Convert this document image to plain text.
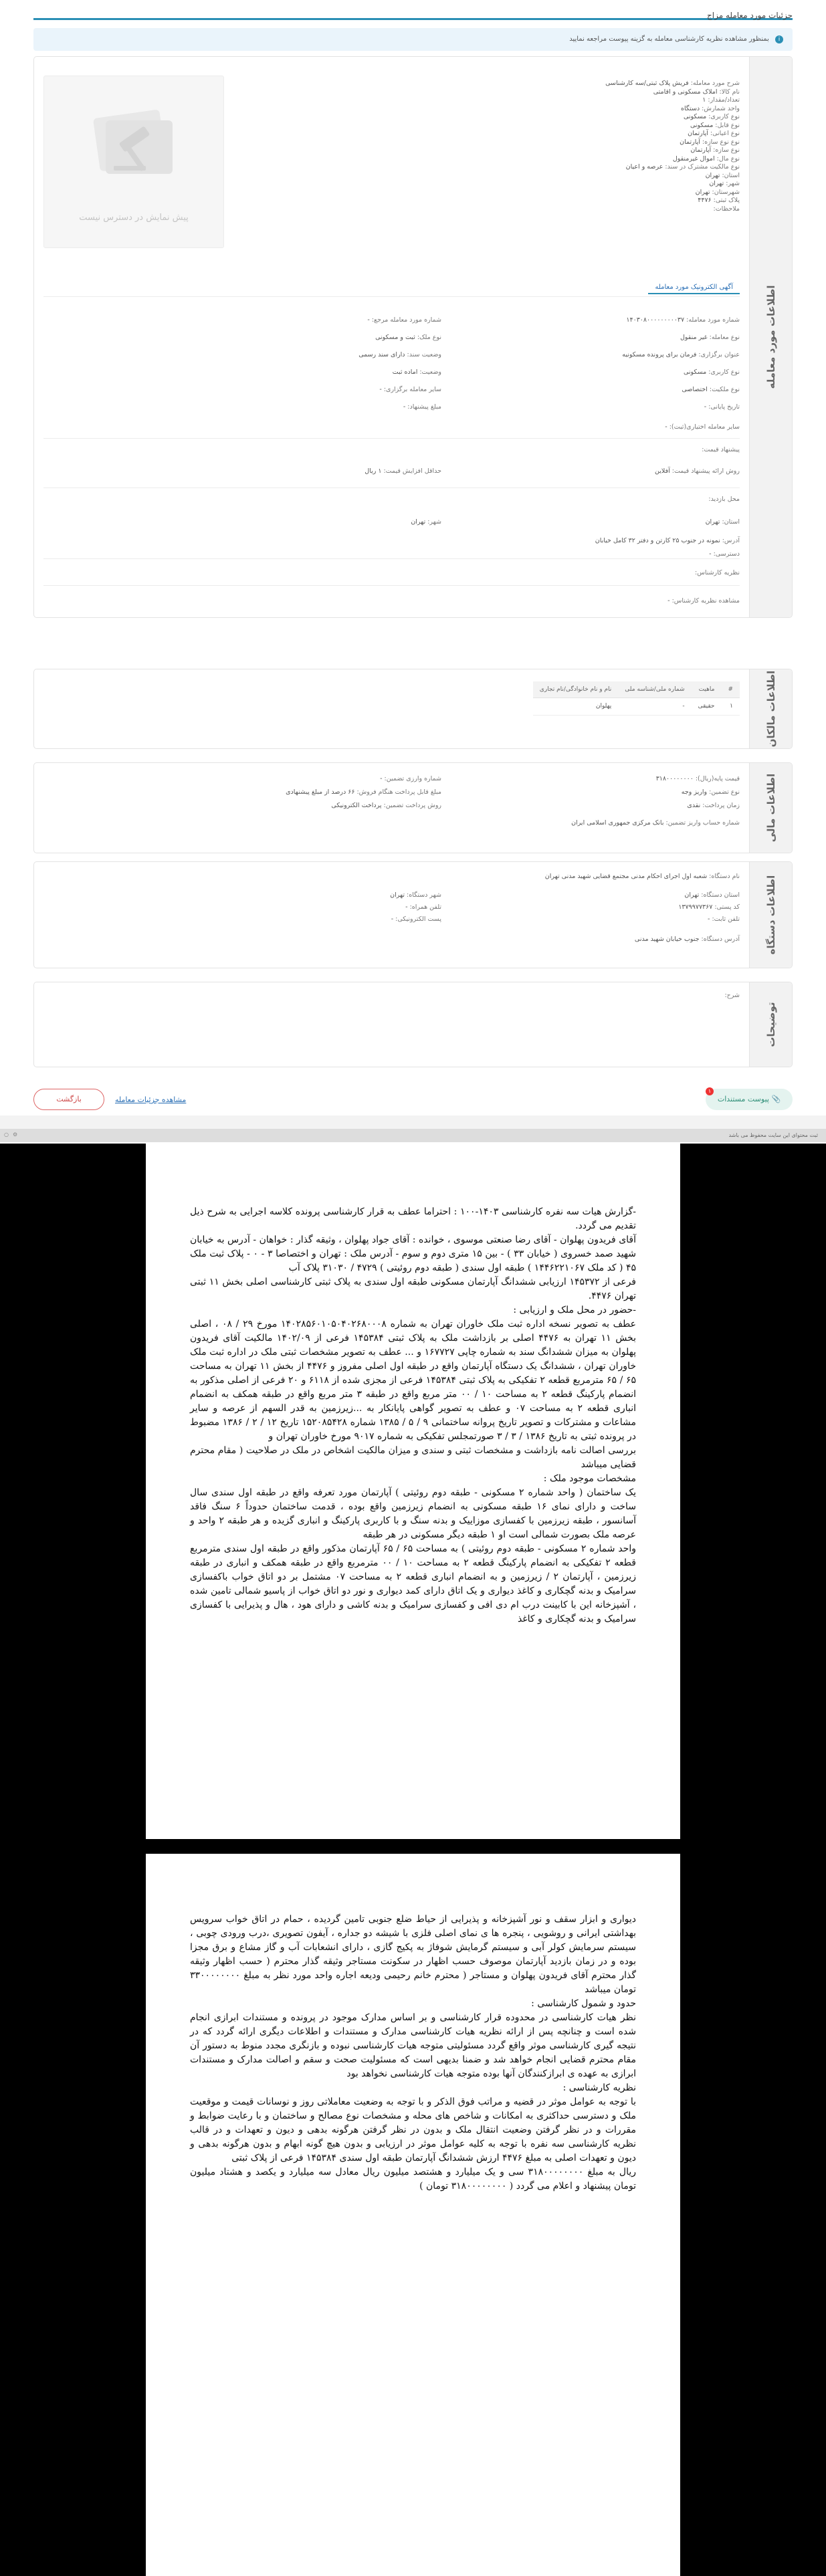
جزئیات مورد معامله مزاج
i بمنظور مشاهده نظریه کارشناسی معامله به گزینه پیوست مراجعه نمایید
اطلاعات مورد معامله
پیش نمایش در دسترس نیست
آگهی الکترونیک مورد معامله
شرح مورد معامله:فریش پلاک ثبتی/سه کارشناسی
نام کالا:املاک مسکونی و اقامتی
تعداد/مقدار:۱
واحد شمارش:دستگاه
نوع کاربری:مسکونی
نوع قابل:مسکونی
نوع اعیانی:آپارتمان
نوع نوع سازه:آپارتمان
نوع سازه:آپارتمان
نوع مال:اموال غیرمنقول
نوع مالکیت مشترک در سند:عرصه و اعیان
استان:تهران
شهر:تهران
شهرستان:تهران
پلاک ثبتی:۴۴۷۶
ملاحظات:
شماره مورد معامله:۱۴۰۳۰۸۰۰۰۰۰۰۰۰۰۳۷
شماره مورد معامله مرجع:-
نوع معامله:غیر منقول
نوع ملک:ثبت و مسکونی
عنوان برگزاری:فرمان برای پرونده مسکونیه
وضعیت سند:دارای سند رسمی
نوع کاربری:مسکونی
وضعیت:اماده ثبت
نوع ملکیت:اختصاصی
سایر معامله برگزاری:-
تاریخ پایانی:-
مبلغ پیشنهاد:-
سایر معامله اختیاری(ثبت):-
پیشنهاد قیمت:
روش ارائه پیشنهاد قیمت:آفلاین
حداقل افزایش قیمت:۱ ریال
محل بازدید:
استان:تهران
شهر:تهران
آدرس:نمونه در جنوب ۲۵ کارتن و دفتر ۳۲ کامل خیابان
دسترسی:-
نظریه کارشناس:
مشاهده نظریه کارشناس:-
اطلاعات مالکان
#	ماهیت	شماره ملی/شناسه ملی	نام و نام خانوادگی/نام تجاری
۱	حقیقی	-	پهلوان
اطلاعات مالی
قیمت پایه(ریال):۳۱۸۰۰۰۰۰۰۰۰
شماره وارزی تضمین:-
نوع تضمین:واریز وجه
مبلغ قابل پرداخت هنگام فروش:۶۶ درصد از مبلغ پیشنهادی
زمان پرداخت:نقدی
روش پرداخت تضمین:پرداخت الکترونیکی
شماره حساب واریز تضمین:بانک مرکزی جمهوری اسلامی ایران
اطلاعات دستگاه
نام دستگاه:شعبه اول اجرای احکام مدنی مجتمع قضایی شهید مدنی تهران
استان دستگاه:تهران
شهر دستگاه:تهران
کد پستی:۱۳۷۹۹۷۷۳۶۷
تلفن همراه:-
تلفن ثابت:-
پست الکترونیکی:-
آدرس دستگاه:جنوب خیابان شهید مدنی
توضیحات
شرح:
📎 پیوست مستندات
۱
مشاهده جزئیات معامله
بازگشت
⚙○	ثبت محتوای این سایت محفوظ می باشد

-گزارش هیات سه نفره کارشناسی ۱۴۰۳-۱۰۰ : احتراما عطف به قرار کارشناسی پرونده کلاسه اجرایی به شرح ذیل تقدیم می گردد.

آقای فریدون پهلوان - آقای رضا صنعتی موسوی ، خوانده : آقای جواد پهلوان ، وثیقه گذار : خواهان - آدرس به خیابان شهید صمد خسروی ( خیابان ۳۳ ) - بین ۱۵ متری دوم و سوم - آدرس ملک : تهران و اختصاصا ۳ - ۰ - پلاک ثبت ملک ۴۵ ( کد ملک ۱۴۴۶۲۲۱۰۶۷ ) طبقه اول سندی ( طبقه دوم روئیتی ) ۴۷۲۹ / ۳۱۰۳۰ پلاک آب

فرعی از ۱۴۵۳۷۲ ارزیابی ششدانگ آپارتمان مسکونی طبقه اول سندی به پلاک ثبتی کارشناسی اصلی بخش ۱۱ ثبتی تهران ۴۴۷۶.

-حضور در محل ملک و ارزیابی :

عطف به تصویر نسخه اداره ثبت ملک خاوران تهران به شماره ۱۴۰۲۸۵۶۰۱۰۵۰۴۰۲۶۸۰۰۰۸ مورخ ۲۹ / ۰۸ ، اصلی بخش ۱۱ تهران به ۴۴۷۶ اصلی بر بازداشت ملک به پلاک ثبتی ۱۴۵۳۸۴ فرعی از ۱۴۰۲/۰۹ مالکیت آقای فریدون پهلوان به میزان ششدانگ سند به شماره چاپی ۱۶۷۷۲۷ و ... عطف به تصویر مشخصات ثبتی ملک در اداره ثبت ملک خاوران تهران ، ششدانگ یک دستگاه آپارتمان واقع در طبقه اول اصلی مفروز و ۴۴۷۶ از بخش ۱۱ تهران به مساحت ۶۵ / ۶۵ مترمربع قطعه ۲ تفکیکی به پلاک ثبتی ۱۴۵۳۸۴ فرعی از مجزی شده از ۶۱۱۸ و ۲۰ فرعی از اصلی مذکور به انضمام پارکینگ قطعه ۲ به مساحت ۱۰ / ۰۰ متر مربع واقع در طبقه ۳ متر مربع واقع در طبقه همکف به انضمام انباری قطعه ۲ به مساحت ۰۷ و عطف به تصویر گواهی پایانکار به ...زیرزمین به قدر السهم از عرصه و سایر مشاعات و مشترکات و تصویر تاریخ پروانه ساختمانی ۹ / ۵ / ۱۳۸۵ شماره ۱۵۲۰۸۵۴۲۸ تاریخ ۱۲ / ۲ / ۱۳۸۶ مضبوط در پرونده ثبتی به تاریخ ۱۳۸۶ / ۳ / ۳ صورتمجلس تفکیکی به شماره ۹۰۱۷ مورخ خاوران تهران و

بررسی اصالت نامه بازداشت و مشخصات ثبتی و سندی و میزان مالکیت اشخاص در ملک در صلاحیت ( مقام محترم قضایی میباشد

مشخصات موجود ملک :

یک ساختمان ( واحد شماره ۲ مسکونی - طبقه دوم روئیتی ) آپارتمان مورد تعرفه واقع در طبقه اول سندی سال ساخت و دارای نمای ۱۶ طبقه مسکونی به انضمام زیرزمین واقع بوده ، قدمت ساختمان حدوداً ۶ سنگ فاقد آسانسور ، طبقه زیرزمین با کفسازی موزاییک و بدنه سنگ و با کاربری پارکینگ و انباری گزیده و هر طبقه ۲ واحد و عرصه ملک بصورت شمالی است او ۱ طبقه دیگر مسکونی در هر طبقه

واحد شماره ۲ مسکونی - طبقه دوم روئیتی ) به مساحت ۶۵ / ۶۵ آپارتمان مذکور واقع در طبقه اول سندی مترمربع قطعه ۲ تفکیکی به انضمام پارکینگ قطعه ۲ به مساحت ۱۰ / ۰۰ مترمربع واقع در طبقه همکف و انباری در طبقه زیرزمین ، آپارتمان ۲ / زیرزمین و به انضمام انباری قطعه ۲ به مساحت ۰۷ مشتمل بر دو اتاق خواب باکفسازی سرامیک و بدنه گچکاری و کاغذ دیواری و یک اتاق دارای کمد دیواری و نور دو اتاق خواب از پاسیو شمالی تامین شده ، آشپزخانه این با کابینت درب ام دی افی و کفسازی سرامیک و بدنه کاشی و دارای هود ، هال و پذیرایی با کفسازی سرامیک و بدنه گچکاری و کاغذ

دیواری و ابزار سقف و نور آشپزخانه و پذیرایی از حیاط ضلع جنوبی تامین گردیده ، حمام در اتاق خواب سرویس بهداشتی ایرانی و روشویی ، پنجره ها ی نمای اصلی فلزی با شیشه دو جداره ، آیفون تصویری ،درب ورودی چوبی ، سیستم سرمایش کولر آبی و سیستم گرمایش شوفاژ به پکیج گازی ، دارای انشعابات آب و گاز مشاع و برق مجزا بوده و در زمان بازدید آپارتمان موصوف حسب اظهار در سکونت مستاجر وثیقه گذار محترم ( حسب اظهار وثیقه گذار محترم آقای فریدون پهلوان و مستاجر ( محترم خانم رحیمی ودیعه اجاره واحد مورد نظر به مبلغ ۳۳۰۰۰۰۰۰۰۰ تومان میباشد

حدود و شمول کارشناسی :

نظر هیات کارشناسی در محدوده قرار کارشناسی و بر اساس مدارک موجود در پرونده و مستندات ابرازی انجام شده است و چنانچه پس از ارائه نظریه هیات کارشناسی مدارک و مستندات و اطلاعات دیگری ارائه گردد که در نتیجه گیری کارشناسی موثر واقع گردد مسئولیتی متوجه هیات کارشناسی نبوده و بازنگری مجدد منوط به دستور آن مقام محترم قضایی انجام خواهد شد و ضمنا بدیهی است که مسئولیت صحت و سقم و اصالت مدارک و مستندات ابرازی به عهده ی ابرازکنندگان آنها بوده متوجه هیات کارشناسی نخواهد بود

نظریه کارشناسی :

با توجه به عوامل موثر در قضیه و مراتب فوق الذکر و با توجه به وضعیت معاملاتی روز و نوسانات قیمت و موقعیت ملک و دسترسی حداکثری به امکانات و شاخص های محله و مشخصات نوع مصالح و ساختمان و با رعایت ضوابط و مقررات و در نظر گرفتن وضعیت انتقال ملک و بدون در نظر گرفتن هرگونه بدهی و دیون و تعهدات و در قالب نظریه کارشناسی سه نفره با توجه به کلیه عوامل موثر در ارزیابی و بدون هیچ گونه ابهام و بدون هرگونه بدهی و دیون و تعهدات اصلی به مبلغ ۴۴۷۶ ارزش ششدانگ آپارتمان طبقه اول سندی ۱۴۵۳۸۴ فرعی از پلاک ثبتی

ریال به مبلغ ۳۱۸۰۰۰۰۰۰۰۰ سی و یک میلیارد و هشتصد میلیون ریال معادل سه میلیارد و یکصد و هشتاد میلیون تومان پیشنهاد و اعلام می گردد ( ۳۱۸۰۰۰۰۰۰۰۰ تومان )
